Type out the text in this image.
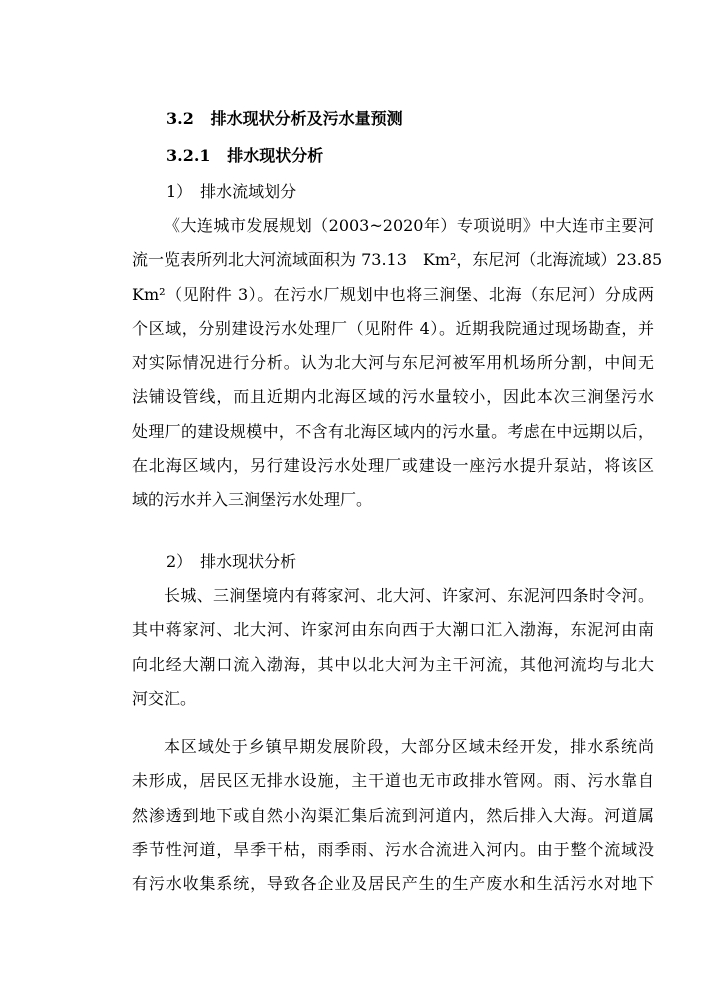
3.2 排水现状分析及污水量预测
3.2.1 排水现状分析
1）　排水流域划分
《大连城市发展规划（2003~2020年）专项说明》中大连市主要河
流一览表所列北大河流域面积为 73.13　Km²，东尼河（北海流域）23.85
Km²（见附件 3）。在污水厂规划中也将三涧堡、北海（东尼河）分成两
个区域，分别建设污水处理厂（见附件 4）。近期我院通过现场勘查，并
对实际情况进行分析。认为北大河与东尼河被军用机场所分割，中间无
法铺设管线，而且近期内北海区域的污水量较小，因此本次三涧堡污水
处理厂的建设规模中，不含有北海区域内的污水量。考虑在中远期以后，
在北海区域内，另行建设污水处理厂或建设一座污水提升泵站，将该区
域的污水并入三涧堡污水处理厂。
2）　排水现状分析
长城、三涧堡境内有蒋家河、北大河、许家河、东泥河四条时令河。
其中蒋家河、北大河、许家河由东向西于大潮口汇入渤海，东泥河由南
向北经大潮口流入渤海，其中以北大河为主干河流，其他河流均与北大
河交汇。
本区域处于乡镇早期发展阶段，大部分区域未经开发，排水系统尚
未形成，居民区无排水设施，主干道也无市政排水管网。雨、污水靠自
然渗透到地下或自然小沟渠汇集后流到河道内，然后排入大海。河道属
季节性河道，旱季干枯，雨季雨、污水合流进入河内。由于整个流域没
有污水收集系统，导致各企业及居民产生的生产废水和生活污水对地下
